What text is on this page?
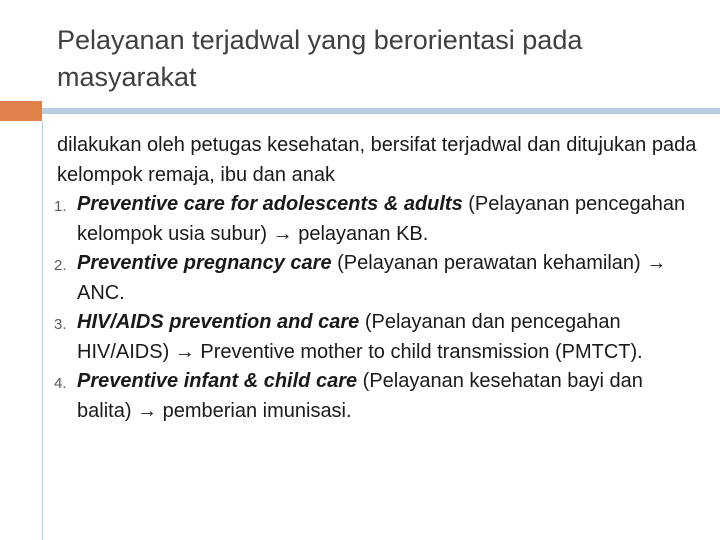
Pelayanan terjadwal yang berorientasi pada masyarakat

dilakukan oleh petugas kesehatan, bersifat terjadwal dan ditujukan pada kelompok remaja, ibu dan anak

1. Preventive care for adolescents & adults (Pelayanan pencegahan kelompok usia subur) → pelayanan KB.
2. Preventive pregnancy care (Pelayanan perawatan kehamilan) → ANC.
3. HIV/AIDS prevention and care (Pelayanan dan pencegahan HIV/AIDS) → Preventive mother to child transmission (PMTCT).
4. Preventive infant & child care (Pelayanan kesehatan bayi dan balita) → pemberian imunisasi.
